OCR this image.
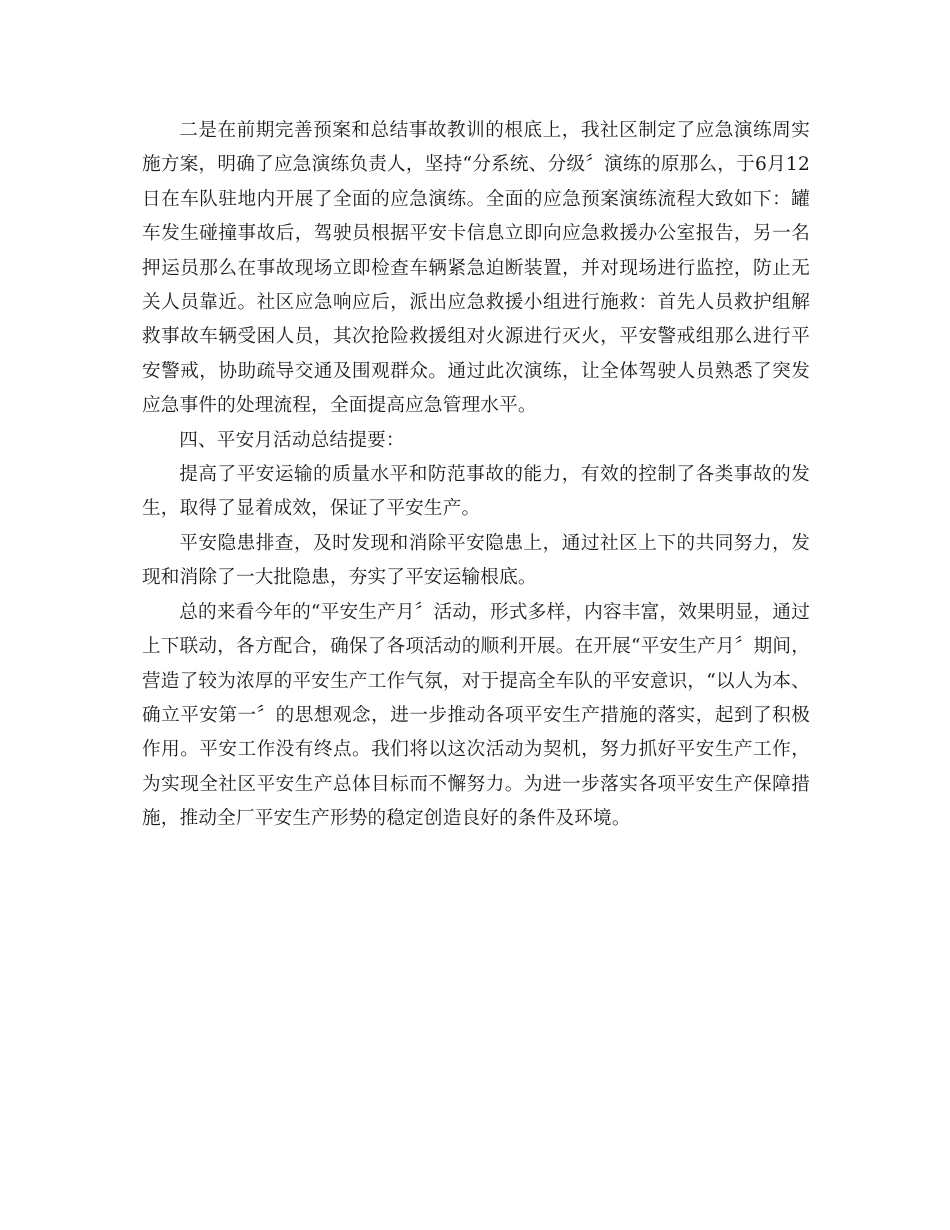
二是在前期完善预案和总结事故教训的根底上，我社区制定了应急演练周实施方案，明确了应急演练负责人，坚持“分系统、分级〞演练的原那么，于6月12日在车队驻地内开展了全面的应急演练。全面的应急预案演练流程大致如下：罐车发生碰撞事故后，驾驶员根据平安卡信息立即向应急救援办公室报告，另一名押运员那么在事故现场立即检查车辆紧急迫断装置，并对现场进行监控，防止无关人员靠近。社区应急响应后，派出应急救援小组进行施救：首先人员救护组解救事故车辆受困人员，其次抢险救援组对火源进行灭火，平安警戒组那么进行平安警戒，协助疏导交通及围观群众。通过此次演练，让全体驾驶人员熟悉了突发应急事件的处理流程，全面提高应急管理水平。

四、平安月活动总结提要：

提高了平安运输的质量水平和防范事故的能力，有效的控制了各类事故的发生，取得了显着成效，保证了平安生产。

平安隐患排查，及时发现和消除平安隐患上，通过社区上下的共同努力，发现和消除了一大批隐患，夯实了平安运输根底。

总的来看今年的“平安生产月〞活动，形式多样，内容丰富，效果明显，通过上下联动，各方配合，确保了各项活动的顺利开展。在开展“平安生产月〞期间，营造了较为浓厚的平安生产工作气氛，对于提高全车队的平安意识，“以人为本、确立平安第一〞的思想观念，进一步推动各项平安生产措施的落实，起到了积极作用。平安工作没有终点。我们将以这次活动为契机，努力抓好平安生产工作，为实现全社区平安生产总体目标而不懈努力。为进一步落实各项平安生产保障措施，推动全厂平安生产形势的稳定创造良好的条件及环境。
